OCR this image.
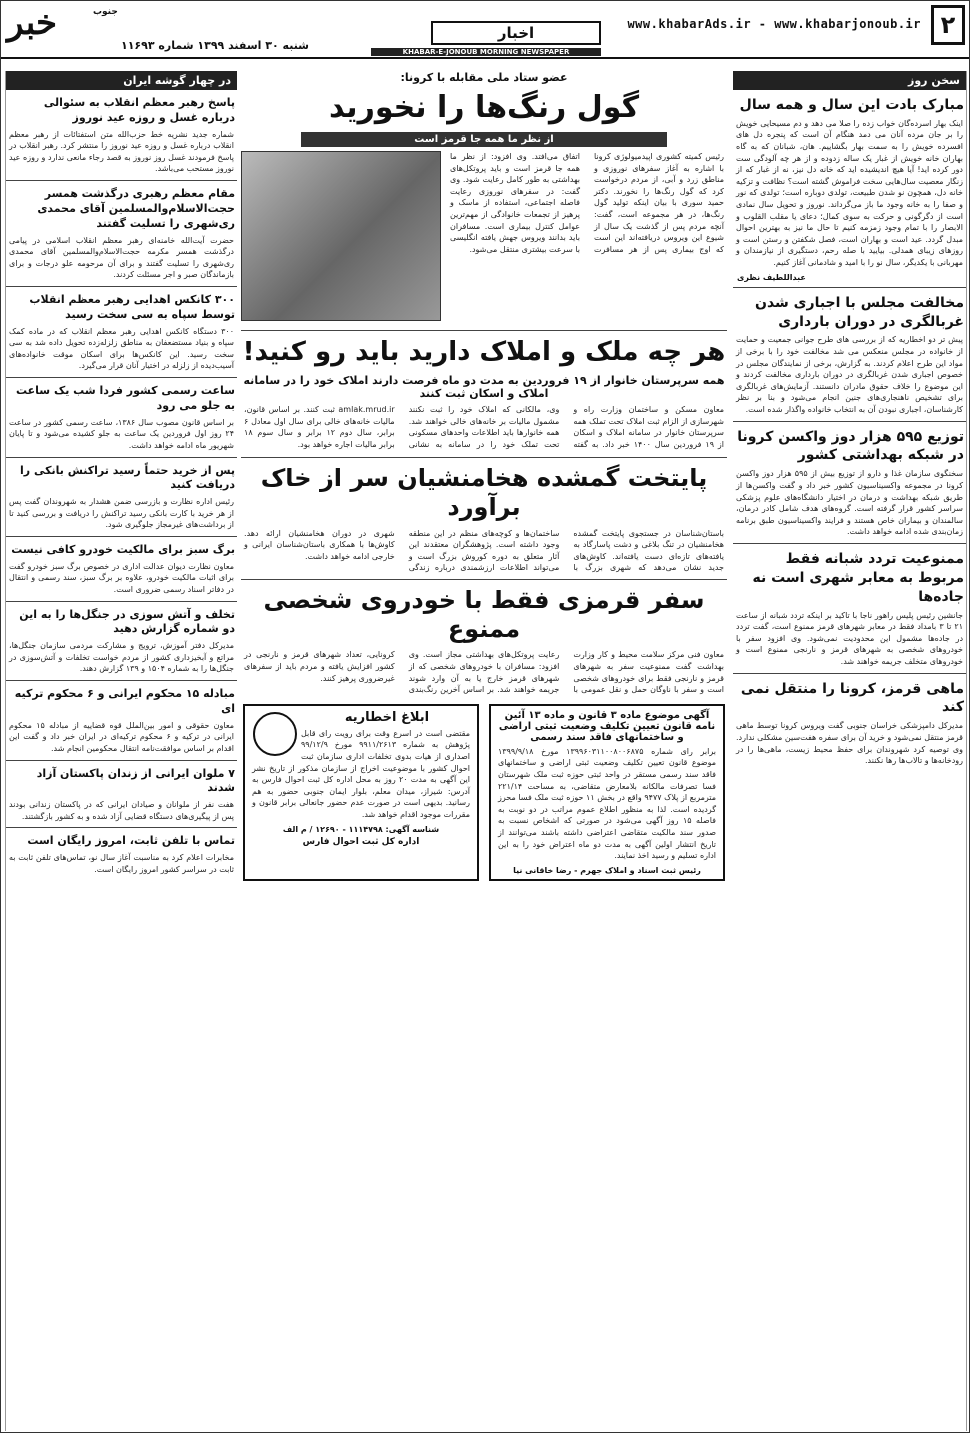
۲
www.khabarAds.ir - www.khabarjonoub.ir
اخبار
KHABAR-E-JONOUB MORNING NEWSPAPER
خبر	جنوب
شنبه ۳۰ اسفند ۱۳۹۹ شماره ۱۱۶۹۳
سخن روز
مبارک بادت این سال و همه سال

اینک بهار اسرده‌گان خواب زده را صلا می دهد و دم مسیحایی خویش را بر جان مرده آنان می دمد هنگام آن است که پنجره دل های افسرده خویش را به سمت بهار بگشاییم. هان، شبانان که به گاه بهاران خانه خویش از غبار یک ساله زدوده و از هر چه آلودگی ست دور کرده اید! آیا هیچ اندیشیده اید که خانه دل نیز، نه از غبار که از زنگار معصیت سال‌هایی سخت فراموش گشته است؟ نظافت و تزکیه خانه دل، همچون نو شدن طبیعت، تولدی دوباره است؛ تولدی که نور و صفا را به خانه وجود ما باز می‌گرداند. نوروز و تحویل سال نمادی است از دگرگونی و حرکت به سوی کمال؛ دعای یا مقلب القلوب و الابصار را با تمام وجود زمزمه کنیم تا حال ما نیز به بهترین احوال مبدل گردد. عید است و بهاران است، فصل شکفتن و رستن است و روزهای زیبای همدلی. بیایید با صله رحم، دستگیری از نیازمندان و مهربانی با یکدیگر، سال نو را با امید و شادمانی آغاز کنیم.

عبداللطیف نظری
مخالفت مجلس با اجباری شدن غربالگری در دوران بارداری

پیش تر دو اخطاریه که از بررسی های طرح جوانی جمعیت و حمایت از خانواده در مجلس منعکس می شد مخالفت خود را با برخی از مواد این طرح اعلام کردند. به گزارش، برخی از نمایندگان مجلس در خصوص اجباری شدن غربالگری در دوران بارداری مخالفت کردند و این موضوع را خلاف حقوق مادران دانستند. آزمایش‌های غربالگری برای تشخیص ناهنجاری‌های جنین انجام می‌شود و بنا بر نظر کارشناسان، اجباری نبودن آن به انتخاب خانواده واگذار شده است.

توزیع ۵۹۵ هزار دوز واکسن کرونا در شبکه بهداشتی کشور

سخنگوی سازمان غذا و دارو از توزیع بیش از ۵۹۵ هزار دوز واکسن کرونا در مجموعه واکسیناسیون کشور خبر داد و گفت واکسن‌ها از طریق شبکه بهداشت و درمان در اختیار دانشگاه‌های علوم پزشکی سراسر کشور قرار گرفته است. گروه‌های هدف شامل کادر درمان، سالمندان و بیماران خاص هستند و فرایند واکسیناسیون طبق برنامه زمان‌بندی شده ادامه خواهد داشت.

ممنوعیت تردد شبانه فقط مربوط به معابر شهری است نه جاده‌ها

جانشین رئیس پلیس راهور ناجا با تاکید بر اینکه تردد شبانه از ساعت ۲۱ تا ۳ بامداد فقط در معابر شهرهای قرمز ممنوع است، گفت تردد در جاده‌ها مشمول این محدودیت نمی‌شود. وی افزود سفر با خودروهای شخصی به شهرهای قرمز و نارنجی ممنوع است و خودروهای متخلف جریمه خواهند شد.

ماهی قرمز، کرونا را منتقل نمی کند

مدیرکل دامپزشکی خراسان جنوبی گفت ویروس کرونا توسط ماهی قرمز منتقل نمی‌شود و خرید آن برای سفره هفت‌سین مشکلی ندارد. وی توصیه کرد شهروندان برای حفظ محیط زیست، ماهی‌ها را در رودخانه‌ها و تالاب‌ها رها نکنند.

عضو ستاد ملی مقابله با کرونا:
گول رنگ‌ها را نخورید
از نظر ما همه جا قرمز است

رئیس کمیته کشوری اپیدمیولوژی کرونا با اشاره به آغاز سفرهای نوروزی و مناطق زرد و آبی، از مردم درخواست کرد که گول رنگ‌ها را نخورند. دکتر حمید سوری با بیان اینکه تولید گول رنگ‌ها، در هر مجموعه است، گفت: آنچه مردم پس از گذشت یک سال از شیوع این ویروس دریافته‌اند این است که اوج بیماری پس از هر مسافرت اتفاق می‌افتد. وی افزود: از نظر ما همه جا قرمز است و باید پروتکل‌های بهداشتی به طور کامل رعایت شود. وی گفت: در سفرهای نوروزی رعایت فاصله اجتماعی، استفاده از ماسک و پرهیز از تجمعات خانوادگی از مهم‌ترین عوامل کنترل بیماری است. مسافران باید بدانند ویروس جهش یافته انگلیسی با سرعت بیشتری منتقل می‌شود.

هر چه ملک و املاک دارید باید رو کنید!
همه سرپرستان خانوار از ۱۹ فروردین به مدت دو ماه فرصت دارند املاک خود را در سامانه املاک و اسکان ثبت کنند

معاون مسکن و ساختمان وزارت راه و شهرسازی از الزام ثبت املاک تحت تملک همه سرپرستان خانوار در سامانه املاک و اسکان از ۱۹ فروردین سال ۱۴۰۰ خبر داد. به گفته وی، مالکانی که املاک خود را ثبت نکنند مشمول مالیات بر خانه‌های خالی خواهند شد. همه خانوارها باید اطلاعات واحدهای مسکونی تحت تملک خود را در سامانه به نشانی amlak.mrud.ir ثبت کنند. بر اساس قانون، مالیات خانه‌های خالی برای سال اول معادل ۶ برابر، سال دوم ۱۲ برابر و سال سوم ۱۸ برابر مالیات اجاره خواهد بود.

پایتخت گمشده هخامنشیان سر از خاک برآورد

باستان‌شناسان در جستجوی پایتخت گمشده هخامنشیان در تنگ بلاغی و دشت پاسارگاد به یافته‌های تازه‌ای دست یافته‌اند. کاوش‌های جدید نشان می‌دهد که شهری بزرگ با ساختمان‌ها و کوچه‌های منظم در این منطقه وجود داشته است. پژوهشگران معتقدند این آثار متعلق به دوره کوروش بزرگ است و می‌تواند اطلاعات ارزشمندی درباره زندگی شهری در دوران هخامنشیان ارائه دهد. کاوش‌ها با همکاری باستان‌شناسان ایرانی و خارجی ادامه خواهد داشت.

سفر قرمزی فقط با خودروی شخصی ممنوع

معاون فنی مرکز سلامت محیط و کار وزارت بهداشت گفت ممنوعیت سفر به شهرهای قرمز و نارنجی فقط برای خودروهای شخصی است و سفر با ناوگان حمل و نقل عمومی با رعایت پروتکل‌های بهداشتی مجاز است. وی افزود: مسافران با خودروهای شخصی که از شهرهای قرمز خارج یا به آن وارد شوند جریمه خواهند شد. بر اساس آخرین رنگ‌بندی کرونایی، تعداد شهرهای قرمز و نارنجی در کشور افزایش یافته و مردم باید از سفرهای غیرضروری پرهیز کنند.

آگهی موضوع ماده ۳ قانون و ماده ۱۳ آئین نامه قانون تعیین تکلیف وضعیت ثبتی اراضی و ساختمانهای فاقد سند رسمی

برابر رای شماره ۱۳۹۹۶۰۳۱۱۰۰۸۰۰۶۸۷۵ مورخ ۱۳۹۹/۹/۱۸ موضوع قانون تعیین تکلیف وضعیت ثبتی اراضی و ساختمانهای فاقد سند رسمی مستقر در واحد ثبتی حوزه ثبت ملک شهرستان فسا تصرفات مالکانه بلامعارض متقاضی، به مساحت ۲۲۱/۱۴ مترمربع از پلاک ۹۴۷۷ واقع در بخش ۱۱ حوزه ثبت ملک فسا محرز گردیده است. لذا به منظور اطلاع عموم مراتب در دو نوبت به فاصله ۱۵ روز آگهی می‌شود در صورتی که اشخاص نسبت به صدور سند مالکیت متقاضی اعتراضی داشته باشند می‌توانند از تاریخ انتشار اولین آگهی به مدت دو ماه اعتراض خود را به این اداره تسلیم و رسید اخذ نمایند.

رئیس ثبت اسناد و املاک جهرم - رضا خاقانی نیا
ابلاغ اخطاریه

مقتضی است در اسرع وقت برای رویت رای قابل پژوهش به شماره ۹۹۱۱/۲۶۱۳ مورخ ۹۹/۱۲/۹ اصداری از هیات بدوی تخلفات اداری سازمان ثبت احوال کشور با موضوعیت اخراج از سازمان مذکور از تاریخ نشر این آگهی به مدت ۲۰ روز به محل اداره کل ثبت احوال فارس به آدرس: شیراز، میدان معلم، بلوار ایمان جنوبی حضور به هم رسانید. بدیهی است در صورت عدم حضور جانعالی برابر قانون و مقررات موجود اقدام خواهد شد.

شناسه آگهی: ۱۱۱۴۷۹۸ - ۱۲۶۹۰ / م الف
اداره کل ثبت احوال فارس
در چهار گوشه ایران
پاسخ رهبر معظم انقلاب به سئوالی درباره غسل و روزه عید نوروز

شماره جدید نشریه خط حزب‌الله متن استفتائات از رهبر معظم انقلاب درباره غسل و روزه عید نوروز را منتشر کرد. رهبر انقلاب در پاسخ فرمودند غسل روز نوروز به قصد رجاء مانعی ندارد و روزه عید نوروز مستحب می‌باشد.

مقام معظم رهبری درگذشت همسر حجت‌الاسلام‌والمسلمین آقای محمدی ری‌شهری را تسلیت گفتند

حضرت آیت‌الله خامنه‌ای رهبر معظم انقلاب اسلامی در پیامی درگذشت همسر مکرمه حجت‌الاسلام‌والمسلمین آقای محمدی ری‌شهری را تسلیت گفتند و برای آن مرحومه علو درجات و برای بازماندگان صبر و اجر مسئلت کردند.

۳۰۰ کانکس اهدایی رهبر معظم انقلاب توسط سپاه به سی سخت رسید

۳۰۰ دستگاه کانکس اهدایی رهبر معظم انقلاب که در ماده کمک سپاه و بنیاد مستضعفان به مناطق زلزله‌زده تحویل داده شد به سی سخت رسید. این کانکس‌ها برای اسکان موقت خانواده‌های آسیب‌دیده از زلزله در اختیار آنان قرار می‌گیرد.

ساعت رسمی کشور فردا شب یک ساعت به جلو می رود

بر اساس قانون مصوب سال ۱۳۸۶، ساعت رسمی کشور در ساعت ۲۴ روز اول فروردین یک ساعت به جلو کشیده می‌شود و تا پایان شهریور ماه ادامه خواهد داشت.

پس از خرید حتماً رسید تراکنش بانکی را دریافت کنید

رئیس اداره نظارت و بازرسی ضمن هشدار به شهروندان گفت پس از هر خرید با کارت بانکی رسید تراکنش را دریافت و بررسی کنید تا از برداشت‌های غیرمجاز جلوگیری شود.

برگ سبز برای مالکیت خودرو کافی نیست

معاون نظارت دیوان عدالت اداری در خصوص برگ سبز خودرو گفت برای اثبات مالکیت خودرو، علاوه بر برگ سبز، سند رسمی و انتقال در دفاتر اسناد رسمی ضروری است.

تخلف و آتش سوزی در جنگل‌ها را به این دو شماره گزارش دهید

مدیرکل دفتر آموزش، ترویج و مشارکت مردمی سازمان جنگل‌ها، مراتع و آبخیزداری کشور از مردم خواست تخلفات و آتش‌سوزی در جنگل‌ها را به شماره ۱۵۰۴ و ۱۳۹ گزارش دهند.

مبادله ۱۵ محکوم ایرانی و ۶ محکوم ترکیه ای

معاون حقوقی و امور بین‌الملل قوه قضاییه از مبادله ۱۵ محکوم ایرانی در ترکیه و ۶ محکوم ترکیه‌ای در ایران خبر داد و گفت این اقدام بر اساس موافقت‌نامه انتقال محکومین انجام شد.

۷ ملوان ایرانی از زندان پاکستان آزاد شدند

هفت نفر از ملوانان و صیادان ایرانی که در پاکستان زندانی بودند پس از پیگیری‌های دستگاه قضایی آزاد شده و به کشور بازگشتند.

تماس با تلفن ثابت، امروز رایگان است

مخابرات اعلام کرد به مناسبت آغاز سال نو، تماس‌های تلفن ثابت به ثابت در سراسر کشور امروز رایگان است.
